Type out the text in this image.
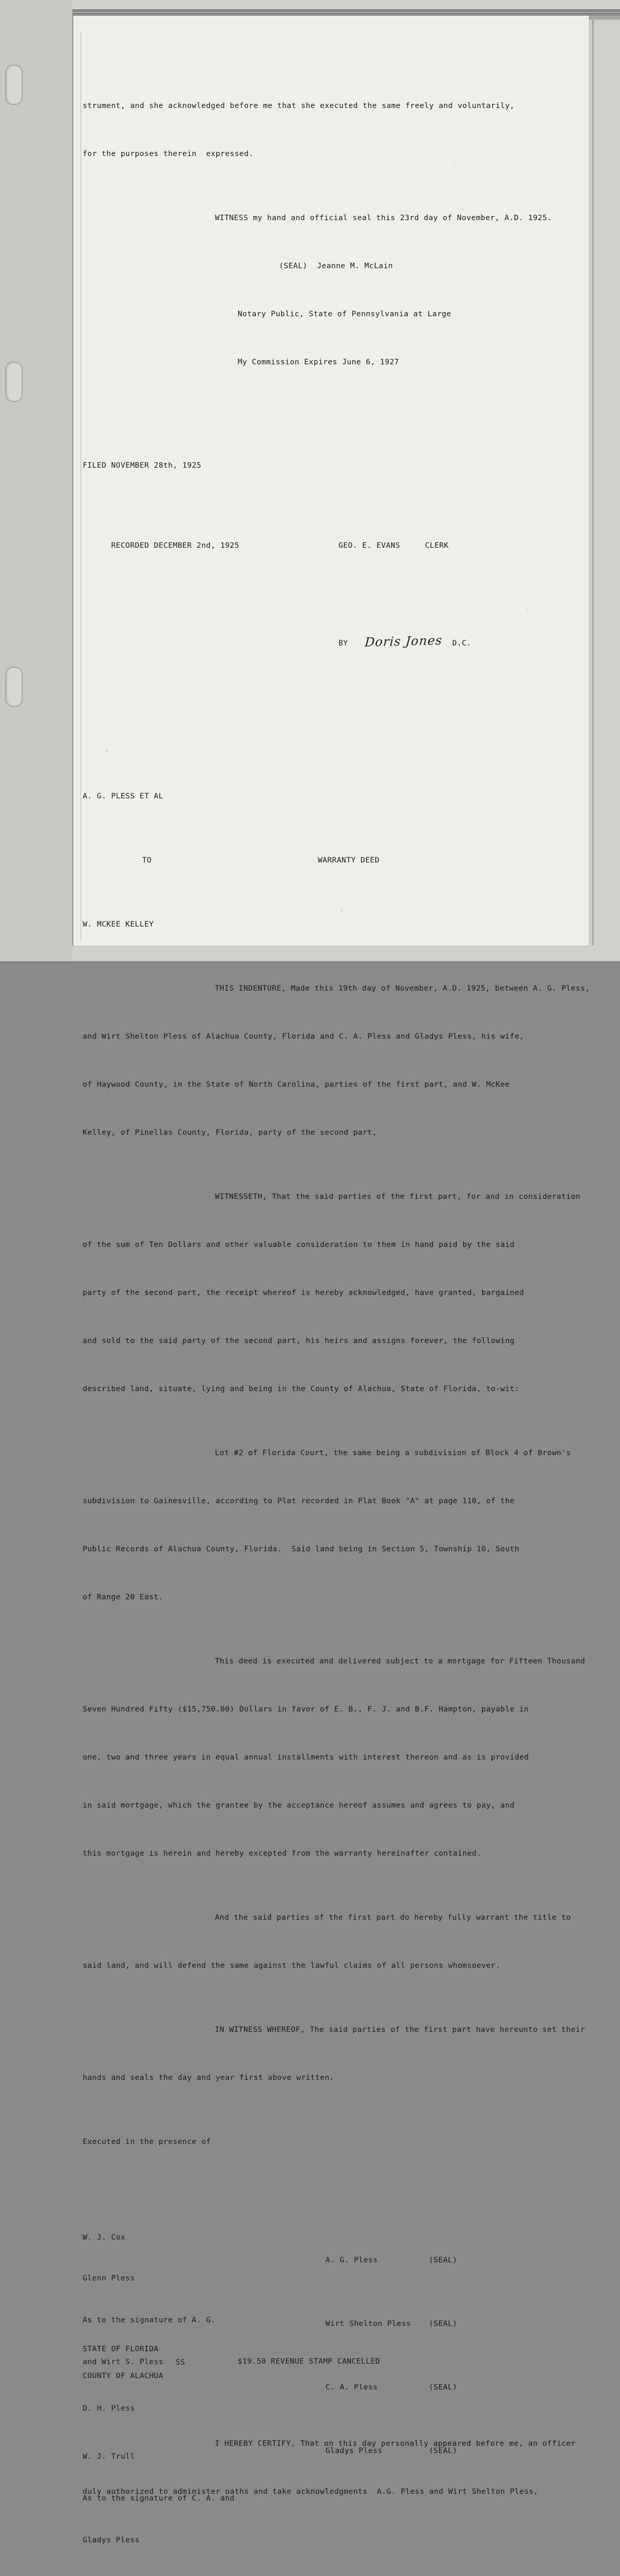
strument, and she acknowledged before me that she executed the same freely and voluntarily,

for the purposes therein  expressed.

WITNESS my hand and official seal this 23rd day of November, A.D. 1925.

(SEAL)  Jeanne M. McLain

Notary Public, State of Pennsylvania at Large

My Commission Expires June 6, 1927

FILED NOVEMBER 28th, 1925

RECORDED DECEMBER 2nd, 1925	GEO. E. EVANS	CLERK

BY Doris Jones D.C.

A. G. PLESS ET AL

TO	WARRANTY DEED

W. MCKEE KELLEY

THIS INDENTURE, Made this 19th day of November, A.D. 1925, between A. G. Pless,

and Wirt Shelton Pless of Alachua County, Florida and C. A. Pless and Gladys Pless, his wife,

of Haywood County, in the State of North Carolina, parties of the first part, and W. McKee

Kelley, of Pinellas County, Florida, party of the second part,

WITNESSETH, That the said parties of the first part, for and in consideration

of the sum of Ten Dollars and other valuable consideration to them in hand paid by the said

party of the second part, the receipt whereof is hereby acknowledged, have granted, bargained

and sold to the said party of the second part, his heirs and assigns forever, the following

described land, situate, lying and being in the County of Alachua, State of Florida, to-wit:

Lot #2 of Florida Court, the same being a subdivision of Block 4 of Brown's

subdivision to Gainesville, according to Plat recorded in Plat Book "A" at page 110, of the

Public Records of Alachua County, Florida.  Said land being in Section 5, Township 10, South

of Range 20 East.

This deed is executed and delivered subject to a mortgage for Fifteen Thousand

Seven Hundred Fifty ($15,750.00) Dollars in favor of E. B., F. J. and B.F. Hampton, payable in

one, two and three years in equal annual installments with interest thereon and as is provided

in said mortgage, which the grantee by the acceptance hereof assumes and agrees to pay, and

this mortgage is herein and hereby excepted from the warranty hereinafter contained.

And the said parties of the first part do hereby fully warrant the title to

said land, and will defend the same against the lawful claims of all persons whomsoever.

IN WITNESS WHEREOF, The said parties of the first part have hereunto set their

hands and seals the day and year first above written.

Executed in the presence of

W. J. Cox

Glenn Pless

As to the signature of A. G.

and Wirt S. Pless

D. H. Pless

W. J. Trull

As to the signature of C. A. and

Gladys Pless

A. G. Pless	(SEAL)

Wirt Shelton Pless (SEAL)

C. A. Pless	(SEAL)

Gladys Pless	(SEAL)

STATE OF FLORIDA

COUNTY OF ALACHUA

SS

	$19.50 REVENUE STAMP CANCELLED

I HEREBY CERTIFY, That on this day personally appeared before me, an officer

duly authorized to administer oaths and take acknowledgments  A.G. Pless and Wirt Shelton Pless,
